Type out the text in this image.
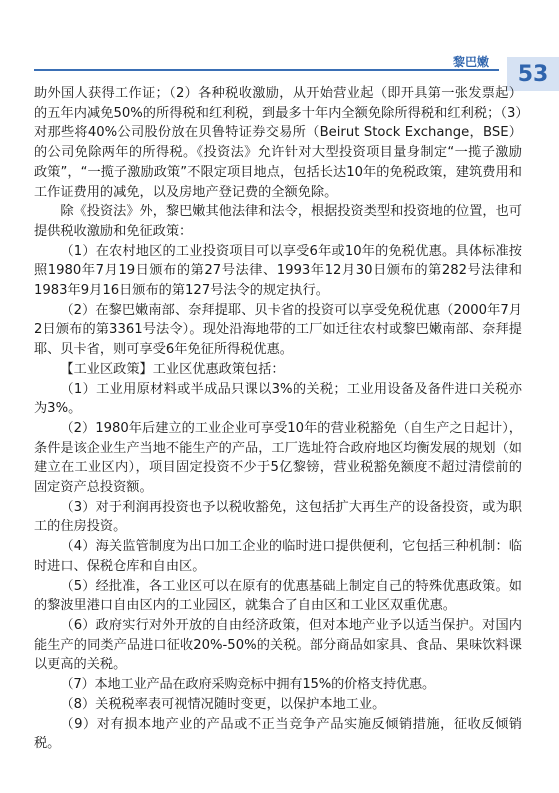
黎巴嫩 53

助外国人获得工作证；（2）各种税收激励，从开始营业起（即开具第一张发票起）的五年内减免50%的所得税和红利税，到最多十年内全额免除所得税和红利税；（3）对那些将40%公司股份放在贝鲁特证券交易所（Beirut Stock Exchange，BSE）的公司免除两年的所得税。《投资法》允许针对大型投资项目量身制定“一揽子激励政策”，“一揽子激励政策”不限定项目地点，包括长达10年的免税政策，建筑费用和工作证费用的减免，以及房地产登记费的全额免除。

除《投资法》外，黎巴嫩其他法律和法令，根据投资类型和投资地的位置，也可提供税收激励和免征政策：

（1）在农村地区的工业投资项目可以享受6年或10年的免税优惠。具体标准按照1980年7月19日颁布的第27号法律、1993年12月30日颁布的第282号法律和1983年9月16日颁布的第127号法令的规定执行。

（2）在黎巴嫩南部、奈拜提耶、贝卡省的投资可以享受免税优惠（2000年7月2日颁布的第3361号法令）。现处沿海地带的工厂如迁往农村或黎巴嫩南部、奈拜提耶、贝卡省，则可享受6年免征所得税优惠。

【工业区政策】工业区优惠政策包括：

（1）工业用原材料或半成品只课以3%的关税；工业用设备及备件进口关税亦为3%。

（2）1980年后建立的工业企业可享受10年的营业税豁免（自生产之日起计），条件是该企业生产当地不能生产的产品，工厂选址符合政府地区均衡发展的规划（如建立在工业区内），项目固定投资不少于5亿黎镑，营业税豁免额度不超过清偿前的固定资产总投资额。

（3）对于利润再投资也予以税收豁免，这包括扩大再生产的设备投资，或为职工的住房投资。

（4）海关监管制度为出口加工企业的临时进口提供便利，它包括三种机制：临时进口、保税仓库和自由区。

（5）经批准，各工业区可以在原有的优惠基础上制定自己的特殊优惠政策。如的黎波里港口自由区内的工业园区，就集合了自由区和工业区双重优惠。

（6）政府实行对外开放的自由经济政策，但对本地产业予以适当保护。对国内能生产的同类产品进口征收20%-50%的关税。部分商品如家具、食品、果味饮料课以更高的关税。

（7）本地工业产品在政府采购竞标中拥有15%的价格支持优惠。

（8）关税税率表可视情况随时变更，以保护本地工业。

（9）对有损本地产业的产品或不正当竞争产品实施反倾销措施，征收反倾销税。
